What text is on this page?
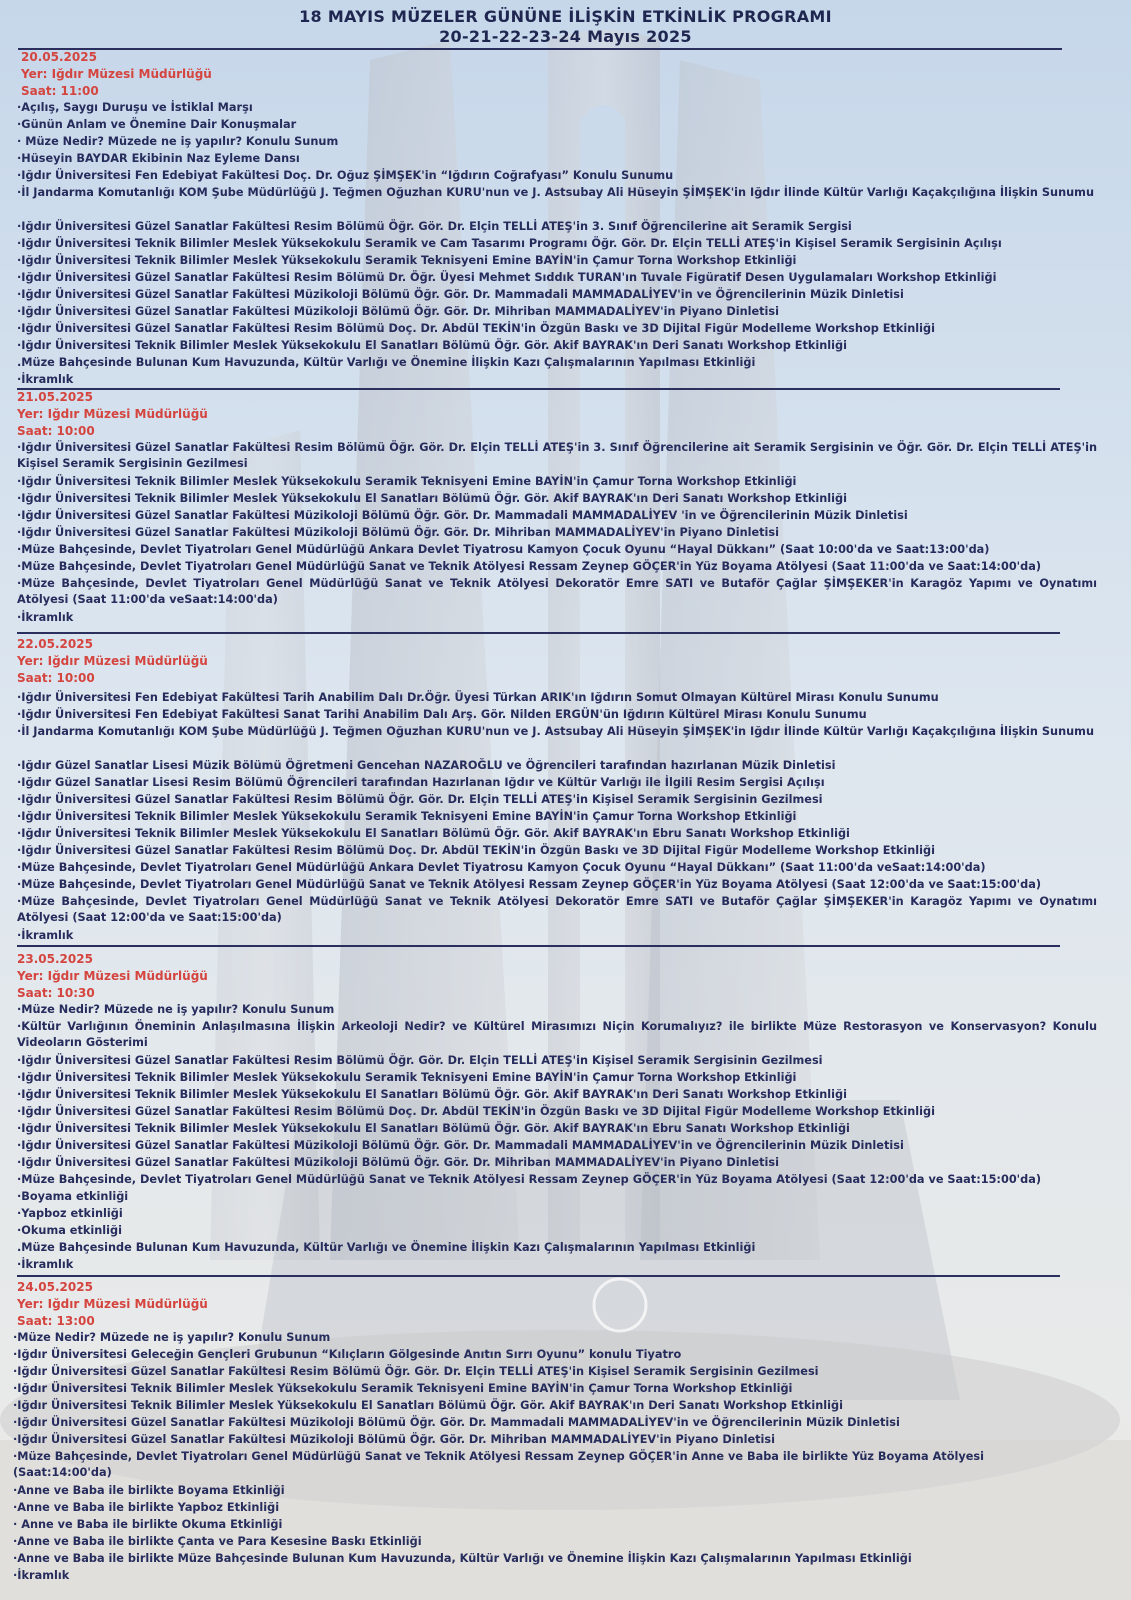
18 MAYIS MÜZELER GÜNÜNE İLİŞKİN ETKİNLİK PROGRAMI
20-21-22-23-24 Mayıs 2025
20.05.2025
Yer: Iğdır Müzesi Müdürlüğü
Saat: 11:00
·Açılış, Saygı Duruşu ve İstiklal Marşı
·Günün Anlam ve Önemine Dair Konuşmalar
· Müze Nedir? Müzede ne iş yapılır? Konulu Sunum
·Hüseyin BAYDAR Ekibinin Naz Eyleme Dansı
·Iğdır Üniversitesi Fen Edebiyat Fakültesi Doç. Dr. Oğuz ŞİMŞEK'in “Iğdırın Coğrafyası” Konulu Sunumu
·İl Jandarma Komutanlığı KOM Şube Müdürlüğü J. Teğmen Oğuzhan KURU'nun ve J. Astsubay Ali Hüseyin ŞİMŞEK'in Iğdır İlinde Kültür Varlığı Kaçakçılığına İlişkin Sunumu
·Iğdır Üniversitesi Güzel Sanatlar Fakültesi Resim Bölümü Öğr. Gör. Dr. Elçin TELLİ ATEŞ'in 3. Sınıf Öğrencilerine ait Seramik Sergisi
·Iğdır Üniversitesi Teknik Bilimler Meslek Yüksekokulu Seramik ve Cam Tasarımı Programı Öğr. Gör. Dr. Elçin TELLİ ATEŞ'in Kişisel Seramik Sergisinin Açılışı
·Iğdır Üniversitesi Teknik Bilimler Meslek Yüksekokulu Seramik Teknisyeni Emine BAYİN'in Çamur Torna Workshop Etkinliği
·Iğdır Üniversitesi Güzel Sanatlar Fakültesi Resim Bölümü Dr. Öğr. Üyesi Mehmet Sıddık TURAN'ın Tuvale Figüratif Desen Uygulamaları Workshop Etkinliği
·Iğdır Üniversitesi Güzel Sanatlar Fakültesi Müzikoloji Bölümü Öğr. Gör. Dr. Mammadali MAMMADALİYEV'in ve Öğrencilerinin Müzik Dinletisi
·Iğdır Üniversitesi Güzel Sanatlar Fakültesi Müzikoloji Bölümü Öğr. Gör. Dr. Mihriban MAMMADALİYEV'in Piyano Dinletisi
·Iğdır Üniversitesi Güzel Sanatlar Fakültesi Resim Bölümü Doç. Dr. Abdül TEKİN'in Özgün Baskı ve 3D Dijital Figür Modelleme Workshop Etkinliği
·Iğdır Üniversitesi Teknik Bilimler Meslek Yüksekokulu El Sanatları Bölümü Öğr. Gör. Akif BAYRAK'ın Deri Sanatı Workshop Etkinliği
.Müze Bahçesinde Bulunan Kum Havuzunda, Kültür Varlığı ve Önemine İlişkin Kazı Çalışmalarının Yapılması Etkinliği
·İkramlık
21.05.2025
Yer: Iğdır Müzesi Müdürlüğü
Saat: 10:00
·Iğdır Üniversitesi Güzel Sanatlar Fakültesi Resim Bölümü Öğr. Gör. Dr. Elçin TELLİ ATEŞ'in 3. Sınıf Öğrencilerine ait Seramik Sergisinin ve Öğr. Gör. Dr. Elçin TELLİ ATEŞ'in Kişisel Seramik Sergisinin Gezilmesi
·Iğdır Üniversitesi Teknik Bilimler Meslek Yüksekokulu Seramik Teknisyeni Emine BAYİN'in Çamur Torna Workshop Etkinliği
·Iğdır Üniversitesi Teknik Bilimler Meslek Yüksekokulu El Sanatları Bölümü Öğr. Gör. Akif BAYRAK'ın Deri Sanatı Workshop Etkinliği
·Iğdır Üniversitesi Güzel Sanatlar Fakültesi Müzikoloji Bölümü Öğr. Gör. Dr. Mammadali MAMMADALİYEV 'in ve Öğrencilerinin Müzik Dinletisi
·Iğdır Üniversitesi Güzel Sanatlar Fakültesi Müzikoloji Bölümü Öğr. Gör. Dr. Mihriban MAMMADALİYEV'in Piyano Dinletisi
·Müze Bahçesinde, Devlet Tiyatroları Genel Müdürlüğü Ankara Devlet Tiyatrosu Kamyon Çocuk Oyunu “Hayal Dükkanı” (Saat 10:00'da ve Saat:13:00'da)
·Müze Bahçesinde, Devlet Tiyatroları Genel Müdürlüğü Sanat ve Teknik Atölyesi Ressam Zeynep GÖÇER'in Yüz Boyama Atölyesi (Saat 11:00'da ve Saat:14:00'da)
·Müze Bahçesinde, Devlet Tiyatroları Genel Müdürlüğü Sanat ve Teknik Atölyesi Dekoratör Emre SATI ve Butaför Çağlar ŞİMŞEKER'in Karagöz Yapımı ve Oynatımı Atölyesi (Saat 11:00'da veSaat:14:00'da)
·İkramlık
22.05.2025
Yer: Iğdır Müzesi Müdürlüğü
Saat: 10:00
·Iğdır Üniversitesi Fen Edebiyat Fakültesi Tarih Anabilim Dalı Dr.Öğr. Üyesi Türkan ARIK'ın Iğdırın Somut Olmayan Kültürel Mirası Konulu Sunumu
·Iğdır Üniversitesi Fen Edebiyat Fakültesi Sanat Tarihi Anabilim Dalı Arş. Gör. Nilden ERGÜN'ün Iğdırın Kültürel Mirası Konulu Sunumu
·İl Jandarma Komutanlığı KOM Şube Müdürlüğü J. Teğmen Oğuzhan KURU'nun ve J. Astsubay Ali Hüseyin ŞİMŞEK'in Iğdır İlinde Kültür Varlığı Kaçakçılığına İlişkin Sunumu
·Iğdır Güzel Sanatlar Lisesi Müzik Bölümü Öğretmeni Gencehan NAZAROĞLU ve Öğrencileri tarafından hazırlanan Müzik Dinletisi
·Iğdır Güzel Sanatlar Lisesi Resim Bölümü Öğrencileri tarafından Hazırlanan Iğdır ve Kültür Varlığı ile İlgili Resim Sergisi Açılışı
·Iğdır Üniversitesi Güzel Sanatlar Fakültesi Resim Bölümü Öğr. Gör. Dr. Elçin TELLİ ATEŞ'in Kişisel Seramik Sergisinin Gezilmesi
·Iğdır Üniversitesi Teknik Bilimler Meslek Yüksekokulu Seramik Teknisyeni Emine BAYİN'in Çamur Torna Workshop Etkinliği
·Iğdır Üniversitesi Teknik Bilimler Meslek Yüksekokulu El Sanatları Bölümü Öğr. Gör. Akif BAYRAK'ın Ebru Sanatı Workshop Etkinliği
·Iğdır Üniversitesi Güzel Sanatlar Fakültesi Resim Bölümü Doç. Dr. Abdül TEKİN'in Özgün Baskı ve 3D Dijital Figür Modelleme Workshop Etkinliği
·Müze Bahçesinde, Devlet Tiyatroları Genel Müdürlüğü Ankara Devlet Tiyatrosu Kamyon Çocuk Oyunu “Hayal Dükkanı” (Saat 11:00'da veSaat:14:00'da)
·Müze Bahçesinde, Devlet Tiyatroları Genel Müdürlüğü Sanat ve Teknik Atölyesi Ressam Zeynep GÖÇER'in Yüz Boyama Atölyesi (Saat 12:00'da ve Saat:15:00'da)
·Müze Bahçesinde, Devlet Tiyatroları Genel Müdürlüğü Sanat ve Teknik Atölyesi Dekoratör Emre SATI ve Butaför Çağlar ŞİMŞEKER'in Karagöz Yapımı ve Oynatımı Atölyesi (Saat 12:00'da ve Saat:15:00'da)
·İkramlık
23.05.2025
Yer: Iğdır Müzesi Müdürlüğü
Saat: 10:30
·Müze Nedir? Müzede ne iş yapılır? Konulu Sunum
·Kültür Varlığının Öneminin Anlaşılmasına İlişkin Arkeoloji Nedir? ve Kültürel Mirasımızı Niçin Korumalıyız? ile birlikte Müze Restorasyon ve Konservasyon? Konulu Videoların Gösterimi
·Iğdır Üniversitesi Güzel Sanatlar Fakültesi Resim Bölümü Öğr. Gör. Dr. Elçin TELLİ ATEŞ'in Kişisel Seramik Sergisinin Gezilmesi
·Iğdır Üniversitesi Teknik Bilimler Meslek Yüksekokulu Seramik Teknisyeni Emine BAYİN'in Çamur Torna Workshop Etkinliği
·Iğdır Üniversitesi Teknik Bilimler Meslek Yüksekokulu El Sanatları Bölümü Öğr. Gör. Akif BAYRAK'ın Deri Sanatı Workshop Etkinliği
·Iğdır Üniversitesi Güzel Sanatlar Fakültesi Resim Bölümü Doç. Dr. Abdül TEKİN'in Özgün Baskı ve 3D Dijital Figür Modelleme Workshop Etkinliği
·Iğdır Üniversitesi Teknik Bilimler Meslek Yüksekokulu El Sanatları Bölümü Öğr. Gör. Akif BAYRAK'ın Ebru Sanatı Workshop Etkinliği
·Iğdır Üniversitesi Güzel Sanatlar Fakültesi Müzikoloji Bölümü Öğr. Gör. Dr. Mammadali MAMMADALİYEV'in ve Öğrencilerinin Müzik Dinletisi
·Iğdır Üniversitesi Güzel Sanatlar Fakültesi Müzikoloji Bölümü Öğr. Gör. Dr. Mihriban MAMMADALİYEV'in Piyano Dinletisi
·Müze Bahçesinde, Devlet Tiyatroları Genel Müdürlüğü Sanat ve Teknik Atölyesi Ressam Zeynep GÖÇER'in Yüz Boyama Atölyesi (Saat 12:00'da ve Saat:15:00'da)
·Boyama etkinliği
·Yapboz etkinliği
·Okuma etkinliği
.Müze Bahçesinde Bulunan Kum Havuzunda, Kültür Varlığı ve Önemine İlişkin Kazı Çalışmalarının Yapılması Etkinliği
·İkramlık
24.05.2025
Yer: Iğdır Müzesi Müdürlüğü
Saat: 13:00
·Müze Nedir? Müzede ne iş yapılır? Konulu Sunum
·Iğdır Üniversitesi Geleceğin Gençleri Grubunun “Kılıçların Gölgesinde Anıtın Sırrı Oyunu” konulu Tiyatro
·Iğdır Üniversitesi Güzel Sanatlar Fakültesi Resim Bölümü Öğr. Gör. Dr. Elçin TELLİ ATEŞ'in Kişisel Seramik Sergisinin Gezilmesi
·Iğdır Üniversitesi Teknik Bilimler Meslek Yüksekokulu Seramik Teknisyeni Emine BAYİN'in Çamur Torna Workshop Etkinliği
·Iğdır Üniversitesi Teknik Bilimler Meslek Yüksekokulu El Sanatları Bölümü Öğr. Gör. Akif BAYRAK'ın Deri Sanatı Workshop Etkinliği
·Iğdır Üniversitesi Güzel Sanatlar Fakültesi Müzikoloji Bölümü Öğr. Gör. Dr. Mammadali MAMMADALİYEV'in ve Öğrencilerinin Müzik Dinletisi
·Iğdır Üniversitesi Güzel Sanatlar Fakültesi Müzikoloji Bölümü Öğr. Gör. Dr. Mihriban MAMMADALİYEV'in Piyano Dinletisi
·Müze Bahçesinde, Devlet Tiyatroları Genel Müdürlüğü Sanat ve Teknik Atölyesi Ressam Zeynep GÖÇER'in Anne ve Baba ile birlikte Yüz Boyama Atölyesi (Saat:14:00'da)
·Anne ve Baba ile birlikte Boyama Etkinliği
·Anne ve Baba ile birlikte Yapboz Etkinliği
· Anne ve Baba ile birlikte Okuma Etkinliği
·Anne ve Baba ile birlikte Çanta ve Para Kesesine Baskı Etkinliği
·Anne ve Baba ile birlikte Müze Bahçesinde Bulunan Kum Havuzunda, Kültür Varlığı ve Önemine İlişkin Kazı Çalışmalarının Yapılması Etkinliği
·İkramlık
